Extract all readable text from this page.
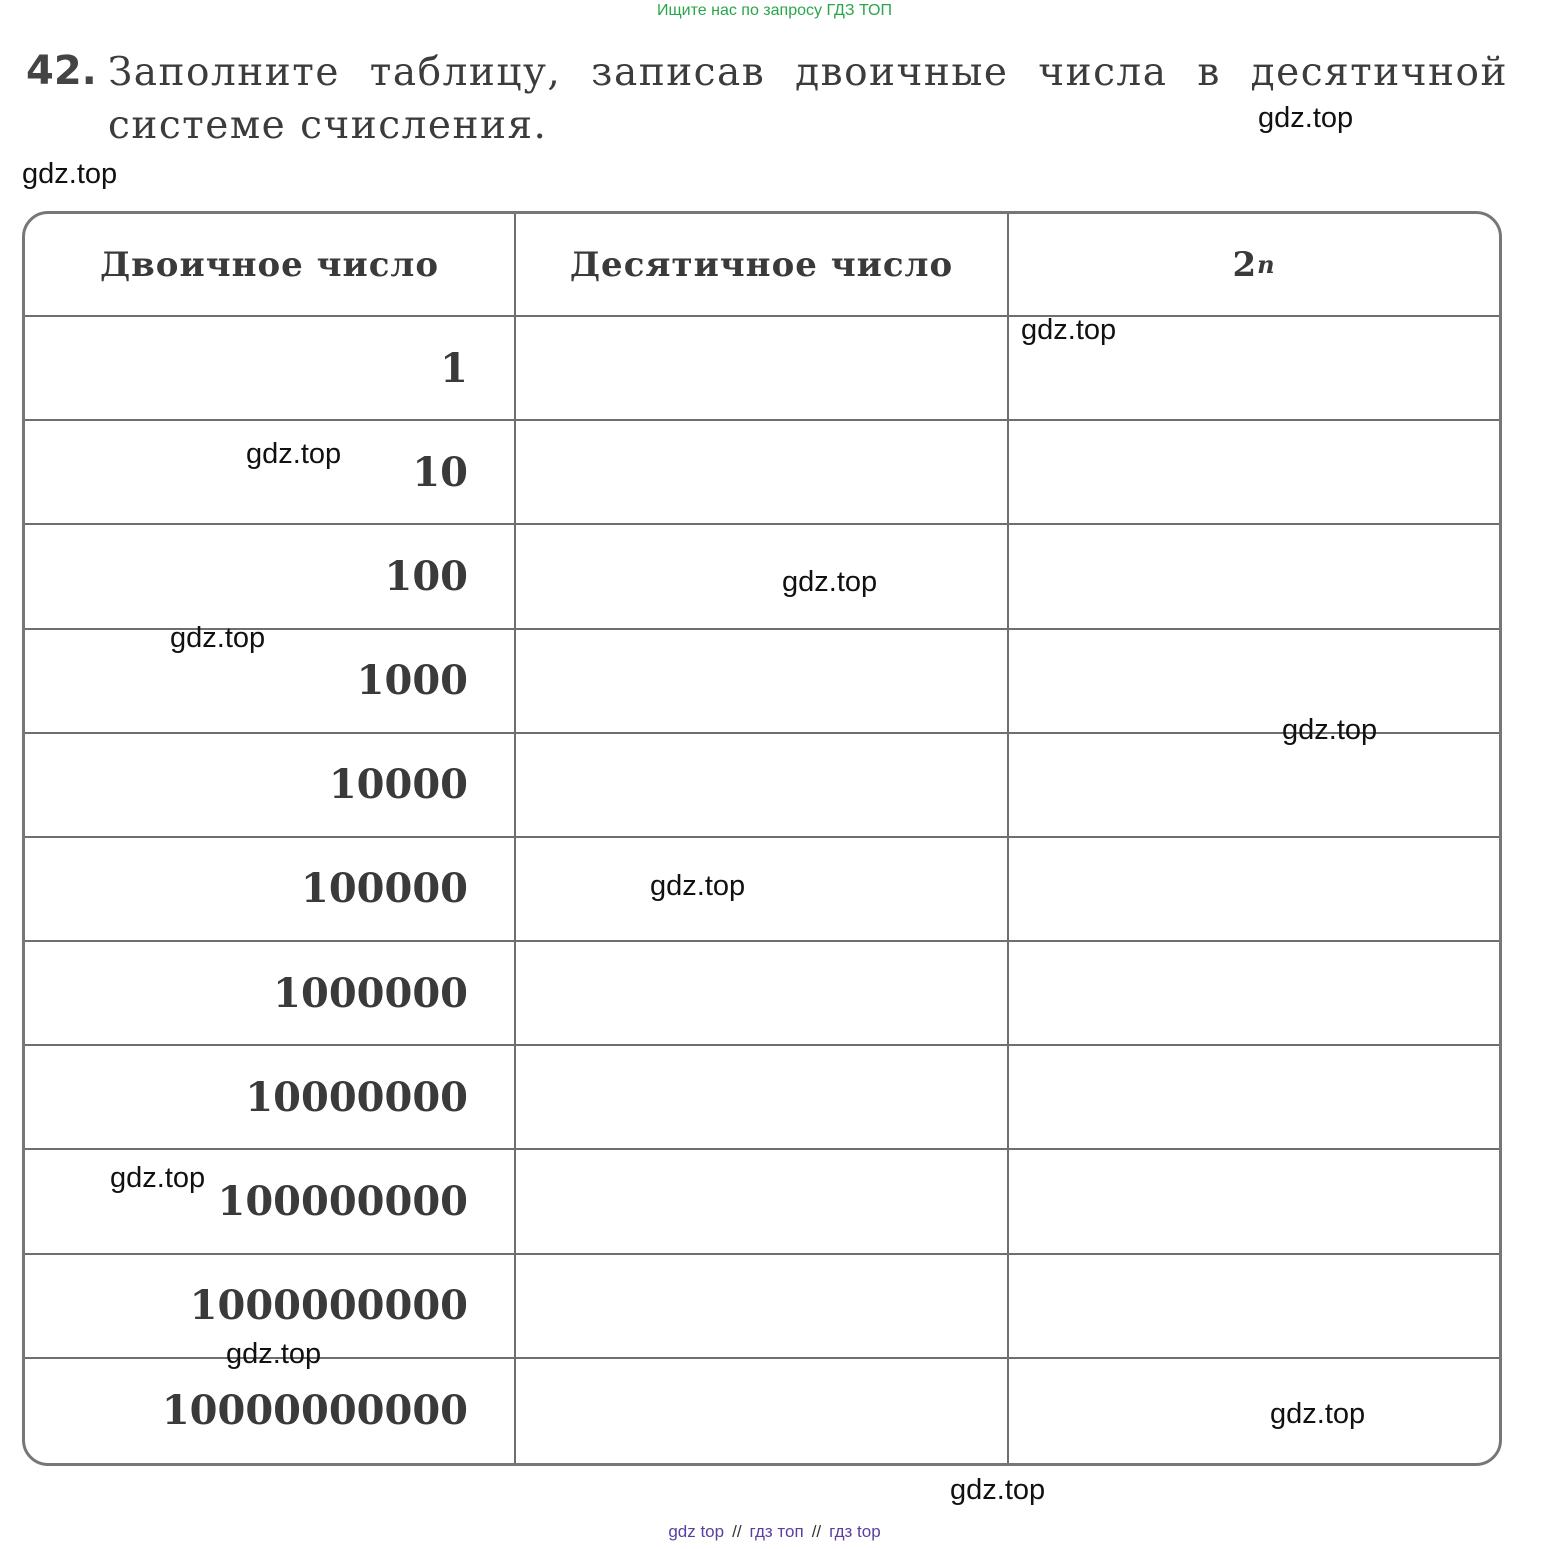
Ищите нас по запросу ГДЗ ТОП
42. Заполните таблицу, записав двоичные числа в десятичной системе счисления.
Двоичное число	Десятичное число	2 n
1
10
100
1000
10000
100000
1000000
10000000
100000000
1000000000
10000000000
gdz.top
gdz.top
gdz.top
gdz.top
gdz.top
gdz.top
gdz.top
gdz.top
gdz.top
gdz.top
gdz.top
gdz.top
gdz top // гдз топ // гдз top
